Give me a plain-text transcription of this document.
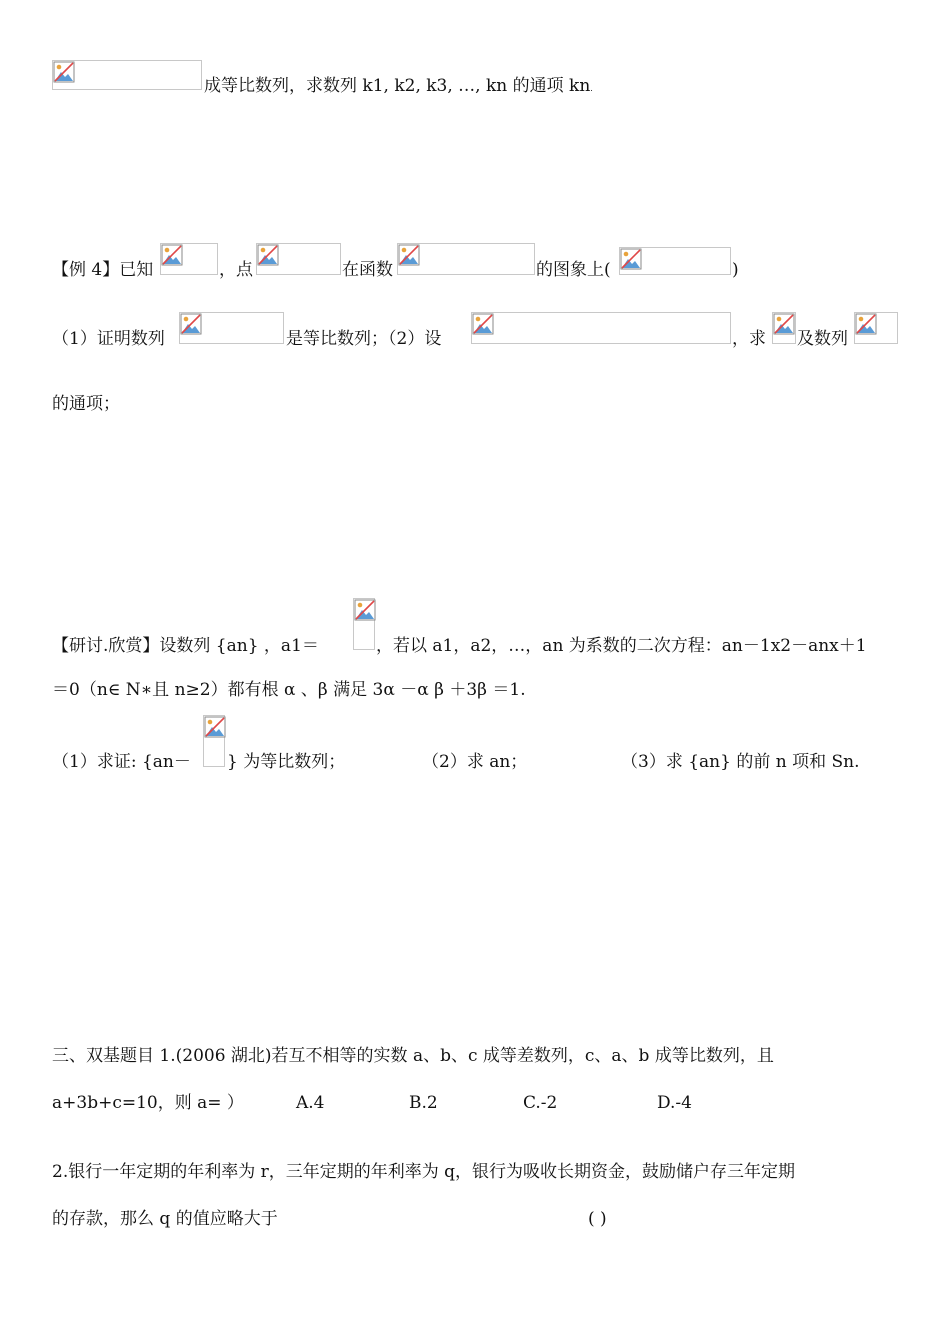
成等比数列，求数列 k1, k2, k3, …, kn 的通项 kn.
【例 4】已知	，点	在函数	的图象上(	)
（1）证明数列	是等比数列；（2）设	，求 及数列
的通项；
【研讨.欣赏】设数列 {an} ，a1＝	，若以 a1，a2，…，an 为系数的二次方程：an－1x2－anx＋1
＝0（n∈ N∗且 n≥2）都有根 α 、β 满足 3α －α β ＋3β ＝1.
（1）求证: {an－ } 为等比数列；	（2）求 an；	（3）求 {an} 的前 n 项和 Sn.
三、双基题目 1.(2006 湖北)若互不相等的实数 a、b、c 成等差数列，c、a、b 成等比数列，且
a+3b+c=10，则 a= ）	A.4	B.2	C.-2	D.-4
2.银行一年定期的年利率为 r，三年定期的年利率为 q，银行为吸收长期资金，鼓励储户存三年定期
的存款，那么 q 的值应略大于	( )
